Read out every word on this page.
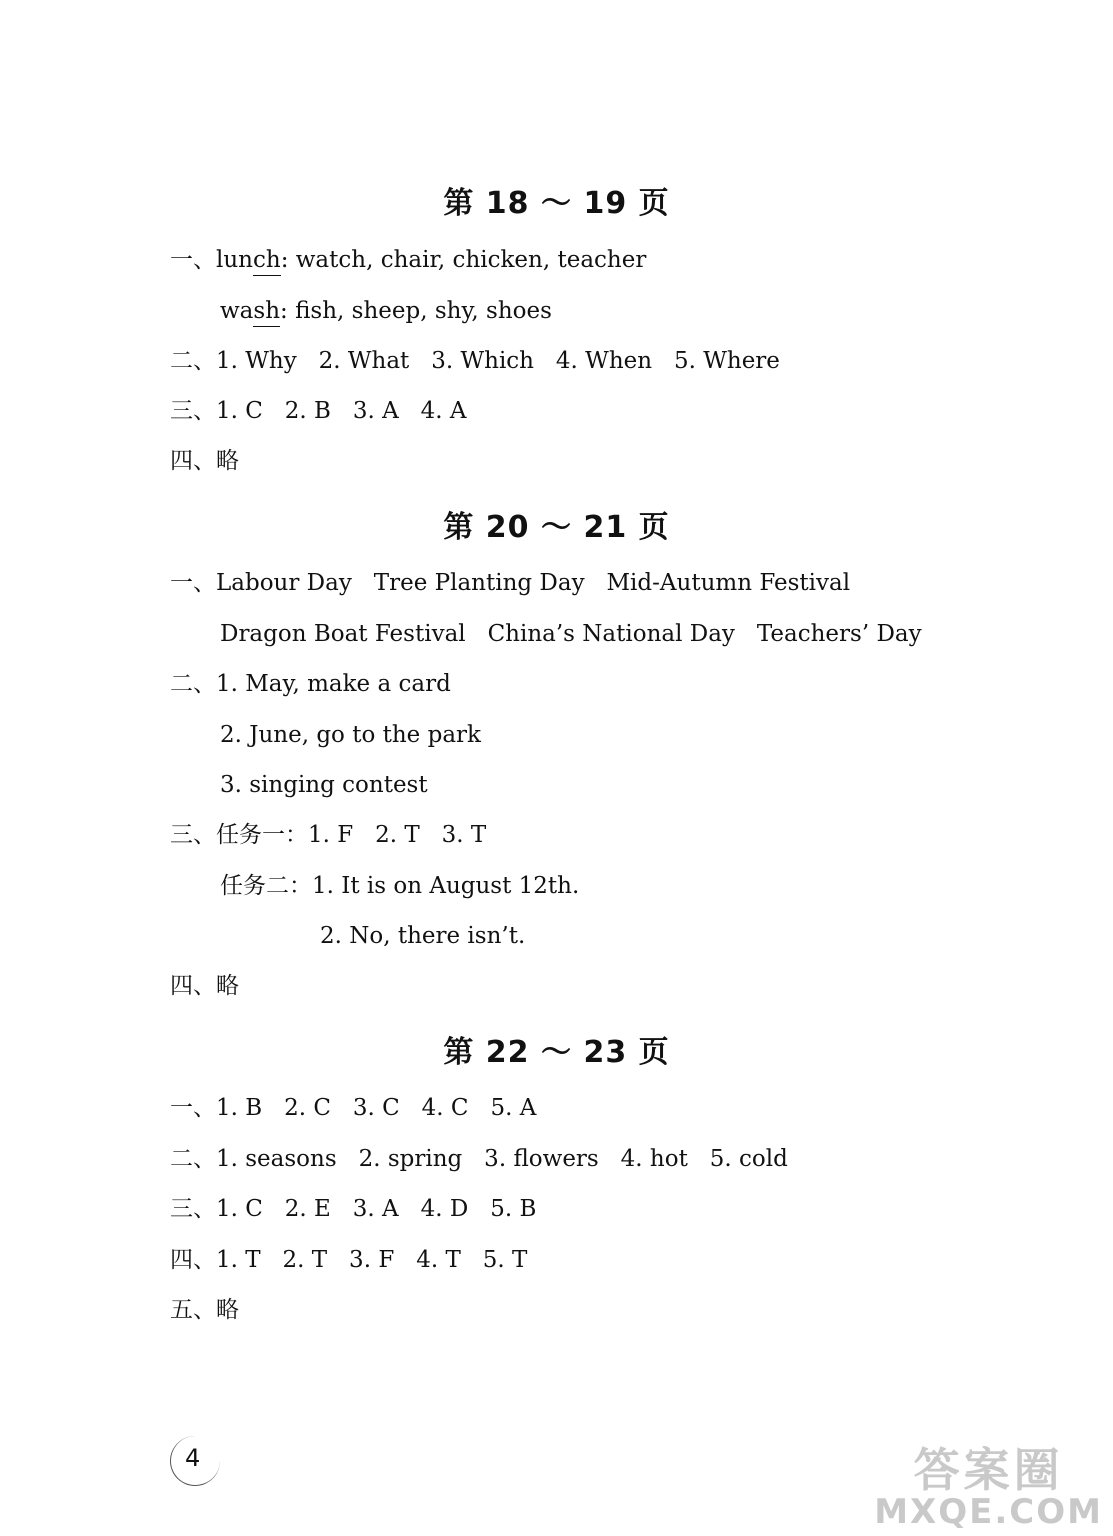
第 18 ～ 19 页
一、lunch: watch, chair, chicken, teacher
wash: fish, sheep, shy, shoes
二、1. Why   2. What   3. Which   4. When   5. Where
三、1. C   2. B   3. A   4. A
四、略
第 20 ～ 21 页
一、Labour Day   Tree Planting Day   Mid-Autumn Festival
Dragon Boat Festival   China’s National Day   Teachers’ Day
二、1. May, make a card
2. June, go to the park
3. singing contest
三、任务一：1. F   2. T   3. T
任务二：1. It is on August 12th.
2. No, there isn’t.
四、略
第 22 ～ 23 页
一、1. B   2. C   3. C   4. C   5. A
二、1. seasons   2. spring   3. flowers   4. hot   5. cold
三、1. C   2. E   3. A   4. D   5. B
四、1. T   2. T   3. F   4. T   5. T
五、略
4	答案圈
MXQE.COM
